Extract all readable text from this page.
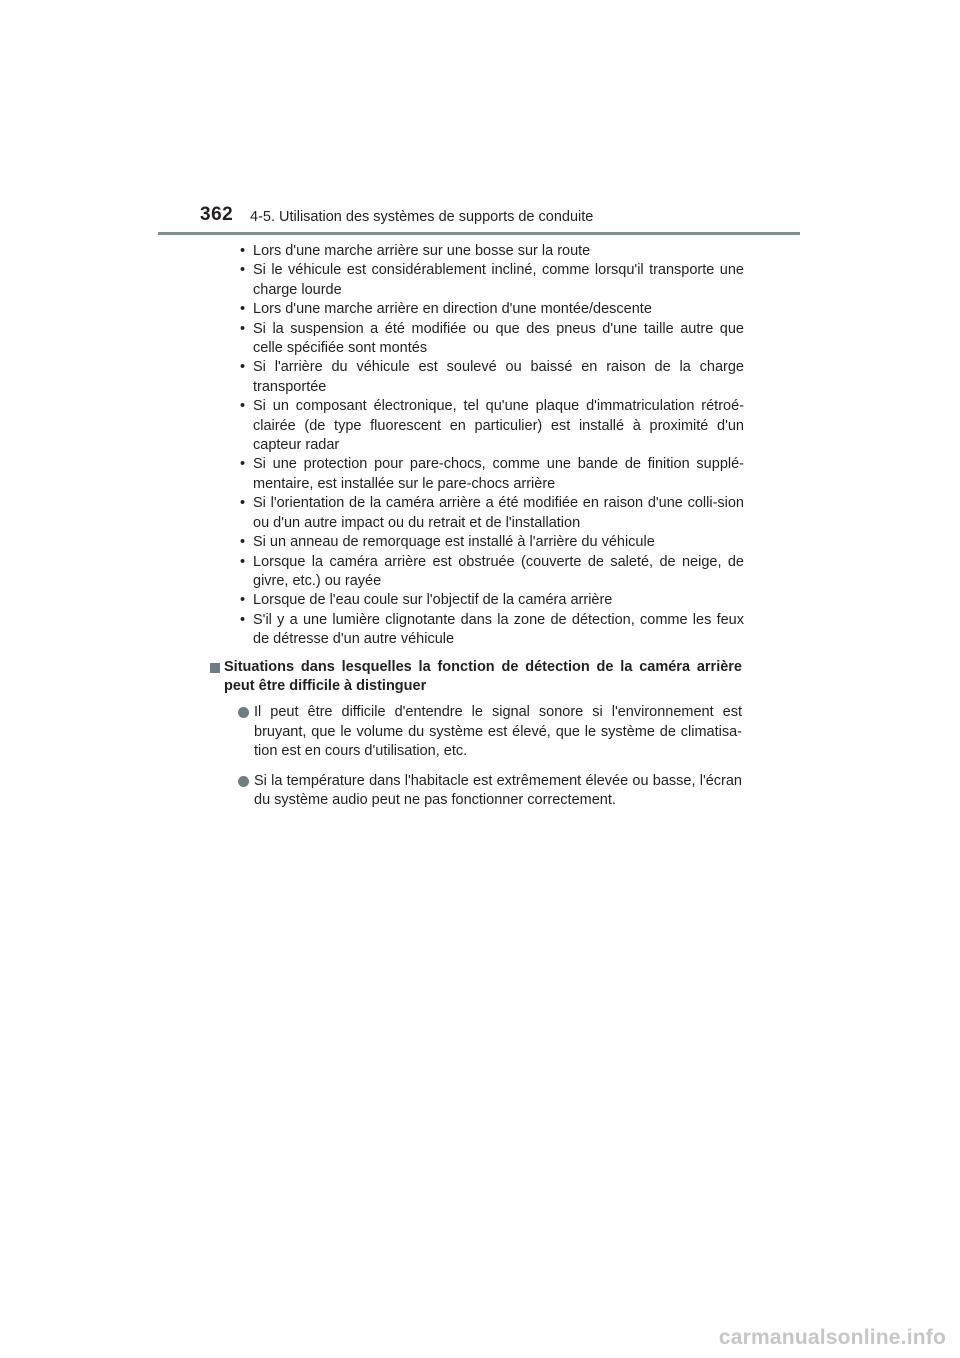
362 4-5. Utilisation des systèmes de supports de conduite
• Lors d'une marche arrière sur une bosse sur la route
• Si le véhicule est considérablement incliné, comme lorsqu'il transporte une charge lourde
• Lors d'une marche arrière en direction d'une montée/descente
• Si la suspension a été modifiée ou que des pneus d'une taille autre que celle spécifiée sont montés
• Si l'arrière du véhicule est soulevé ou baissé en raison de la charge transportée
• Si un composant électronique, tel qu'une plaque d'immatriculation rétroé-clairée (de type fluorescent en particulier) est installé à proximité d'un capteur radar
• Si une protection pour pare-chocs, comme une bande de finition supplé-mentaire, est installée sur le pare-chocs arrière
• Si l'orientation de la caméra arrière a été modifiée en raison d'une colli-sion ou d'un autre impact ou du retrait et de l'installation
• Si un anneau de remorquage est installé à l'arrière du véhicule
• Lorsque la caméra arrière est obstruée (couverte de saleté, de neige, de givre, etc.) ou rayée
• Lorsque de l'eau coule sur l'objectif de la caméra arrière
• S'il y a une lumière clignotante dans la zone de détection, comme les feux de détresse d'un autre véhicule
Situations dans lesquelles la fonction de détection de la caméra arrière peut être difficile à distinguer
Il peut être difficile d'entendre le signal sonore si l'environnement est bruyant, que le volume du système est élevé, que le système de climatisa-tion est en cours d'utilisation, etc.
Si la température dans l'habitacle est extrêmement élevée ou basse, l'écran du système audio peut ne pas fonctionner correctement.
carmanualsonline.info
